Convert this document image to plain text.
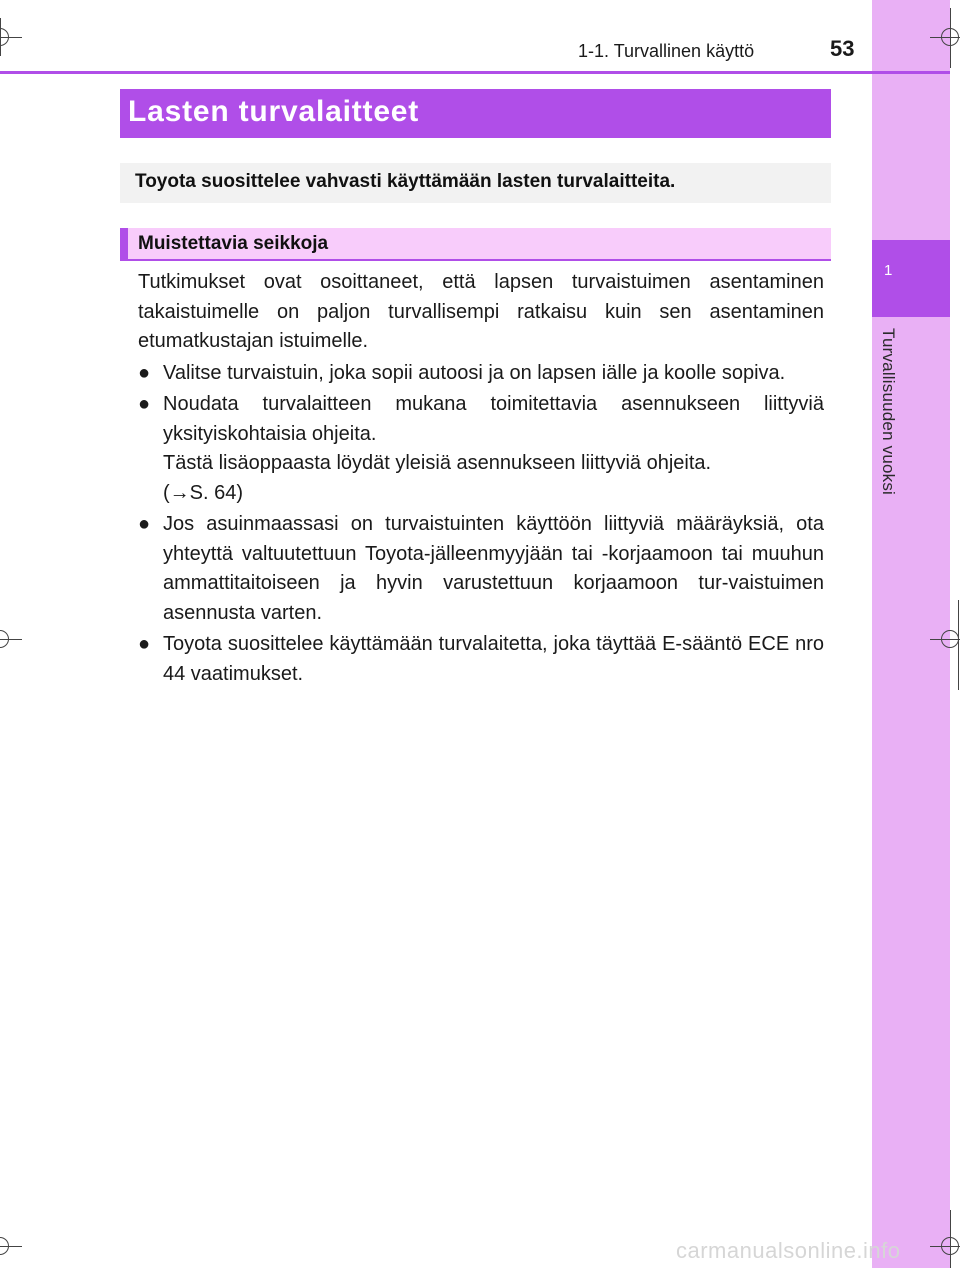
1
Turvallisuuden vuoksi
1-1. Turvallinen käyttö	53
Lasten turvalaitteet
Toyota suosittelee vahvasti käyttämään lasten turvalaitteita.
Muistettavia seikkoja

Tutkimukset ovat osoittaneet, että lapsen turvaistuimen asentaminen takaistuimelle on paljon turvallisempi ratkaisu kuin sen asentaminen etumatkustajan istuimelle.

● Valitse turvaistuin, joka sopii autoosi ja on lapsen iälle ja koolle sopiva.

● Noudata turvalaitteen mukana toimitettavia asennukseen liittyviä yksityiskohtaisia ohjeita.

Tästä lisäoppaasta löydät yleisiä asennukseen liittyviä ohjeita.

(→S. 64)

● Jos asuinmaassasi on turvaistuinten käyttöön liittyviä määräyksiä, ota yhteyttä valtuutettuun Toyota-jälleenmyyjään tai -korjaamoon tai muuhun ammattitaitoiseen ja hyvin varustettuun korjaamoon tur-vaistuimen asennusta varten.

● Toyota suosittelee käyttämään turvalaitetta, joka täyttää E-sääntö ECE nro 44 vaatimukset.

carmanualsonline.info
